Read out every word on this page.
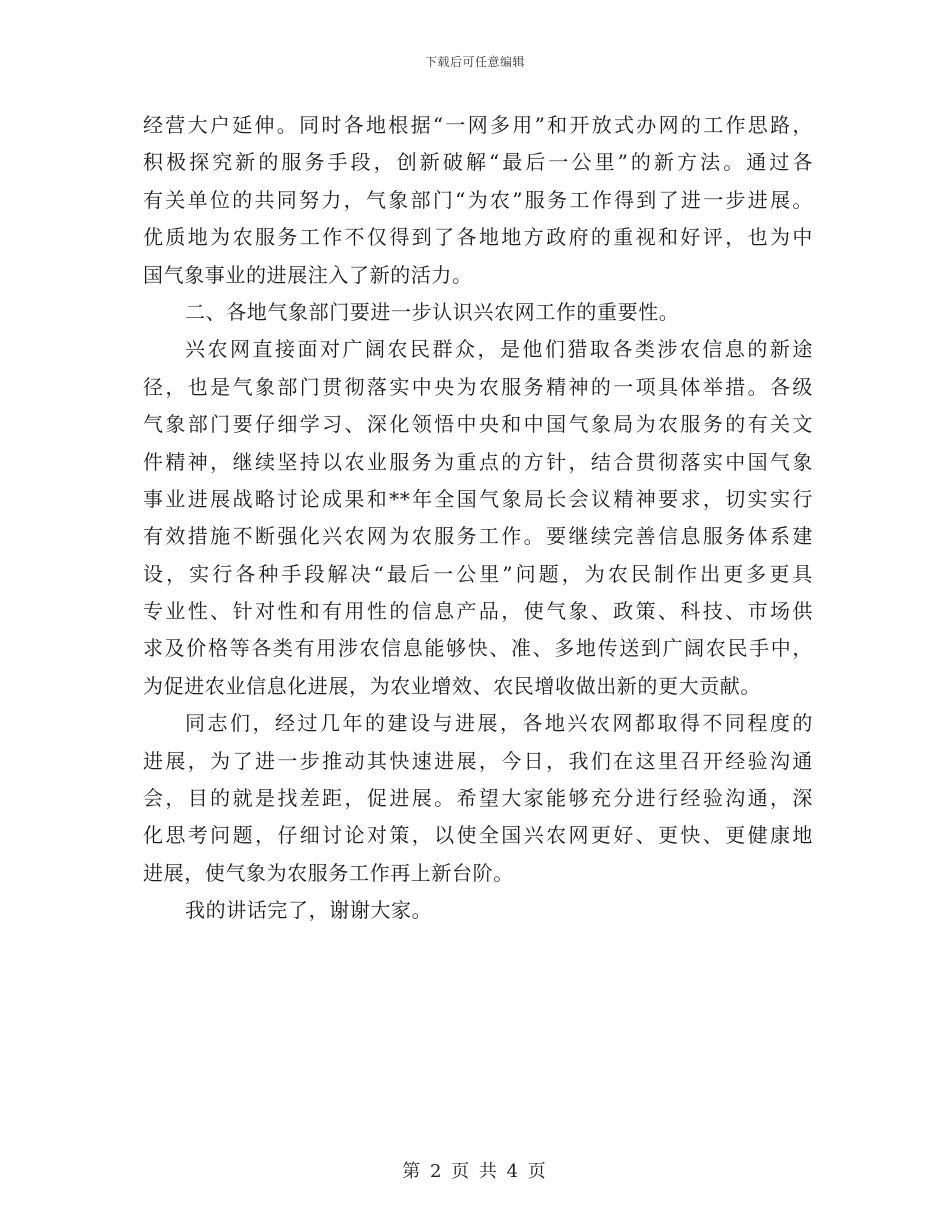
下载后可任意编辑
经营大户延伸。同时各地根据“一网多用”和开放式办网的工作思路，
积极探究新的服务手段，创新破解“最后一公里”的新方法。通过各
有关单位的共同努力，气象部门“为农”服务工作得到了进一步进展。
优质地为农服务工作不仅得到了各地地方政府的重视和好评，也为中
国气象事业的进展注入了新的活力。
二、各地气象部门要进一步认识兴农网工作的重要性。
兴农网直接面对广阔农民群众，是他们猎取各类涉农信息的新途
径，也是气象部门贯彻落实中央为农服务精神的一项具体举措。各级
气象部门要仔细学习、深化领悟中央和中国气象局为农服务的有关文
件精神，继续坚持以农业服务为重点的方针，结合贯彻落实中国气象
事业进展战略讨论成果和**年全国气象局长会议精神要求，切实实行
有效措施不断强化兴农网为农服务工作。要继续完善信息服务体系建
设，实行各种手段解决“最后一公里”问题，为农民制作出更多更具
专业性、针对性和有用性的信息产品，使气象、政策、科技、市场供
求及价格等各类有用涉农信息能够快、准、多地传送到广阔农民手中，
为促进农业信息化进展，为农业增效、农民增收做出新的更大贡献。
同志们，经过几年的建设与进展，各地兴农网都取得不同程度的
进展，为了进一步推动其快速进展，今日，我们在这里召开经验沟通
会，目的就是找差距，促进展。希望大家能够充分进行经验沟通，深
化思考问题，仔细讨论对策，以使全国兴农网更好、更快、更健康地
进展，使气象为农服务工作再上新台阶。
我的讲话完了，谢谢大家。
第 2 页 共 4 页
